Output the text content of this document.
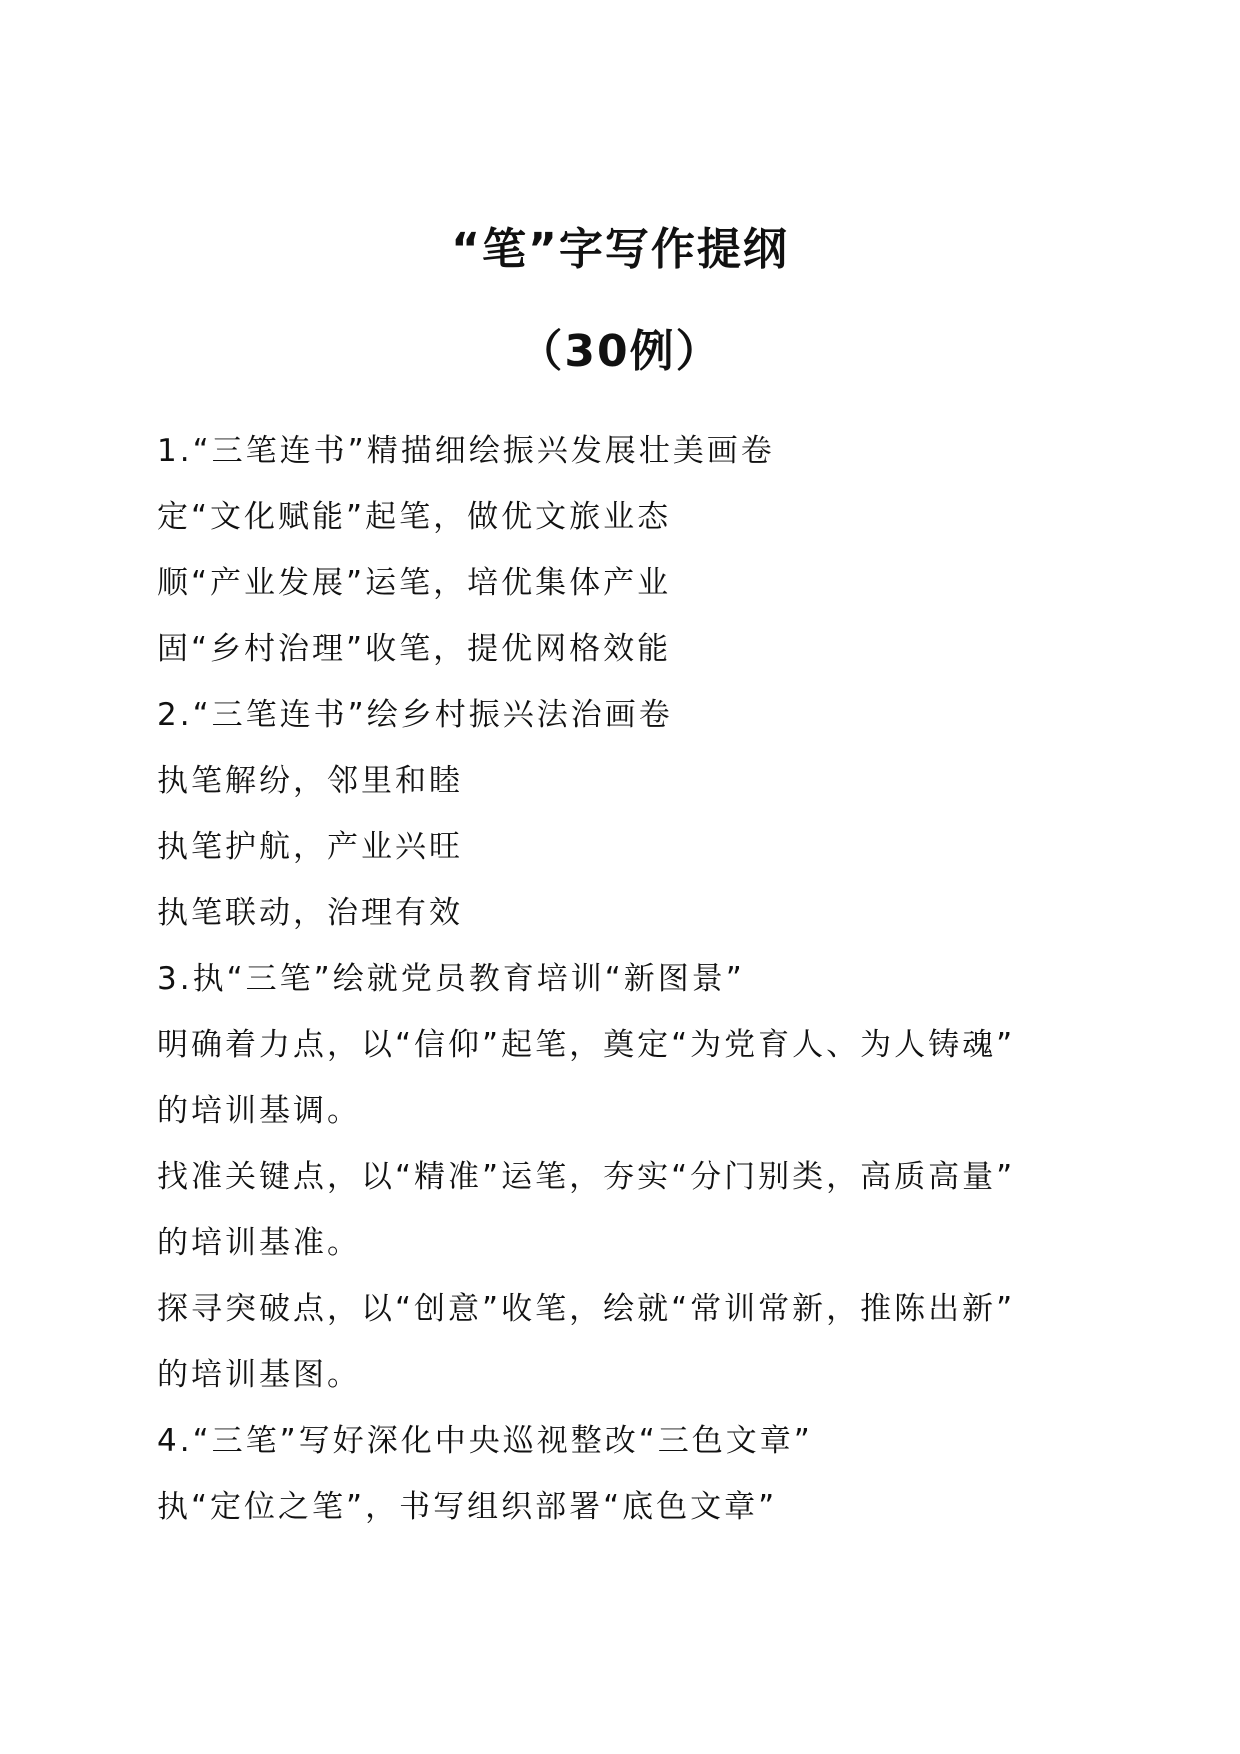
“笔”字写作提纲
（30例）

1.“三笔连书”精描细绘振兴发展壮美画卷

定“文化赋能”起笔，做优文旅业态

顺“产业发展”运笔，培优集体产业

固“乡村治理”收笔，提优网格效能

2.“三笔连书”绘乡村振兴法治画卷

执笔解纷，邻里和睦

执笔护航，产业兴旺

执笔联动，治理有效

3.执“三笔”绘就党员教育培训“新图景”

明确着力点，以“信仰”起笔，奠定“为党育人、为人铸魂”

的培训基调。

找准关键点，以“精准”运笔，夯实“分门别类，高质高量”

的培训基准。

探寻突破点，以“创意”收笔，绘就“常训常新，推陈出新”

的培训基图。

4.“三笔”写好深化中央巡视整改“三色文章”

执“定位之笔”，书写组织部署“底色文章”
